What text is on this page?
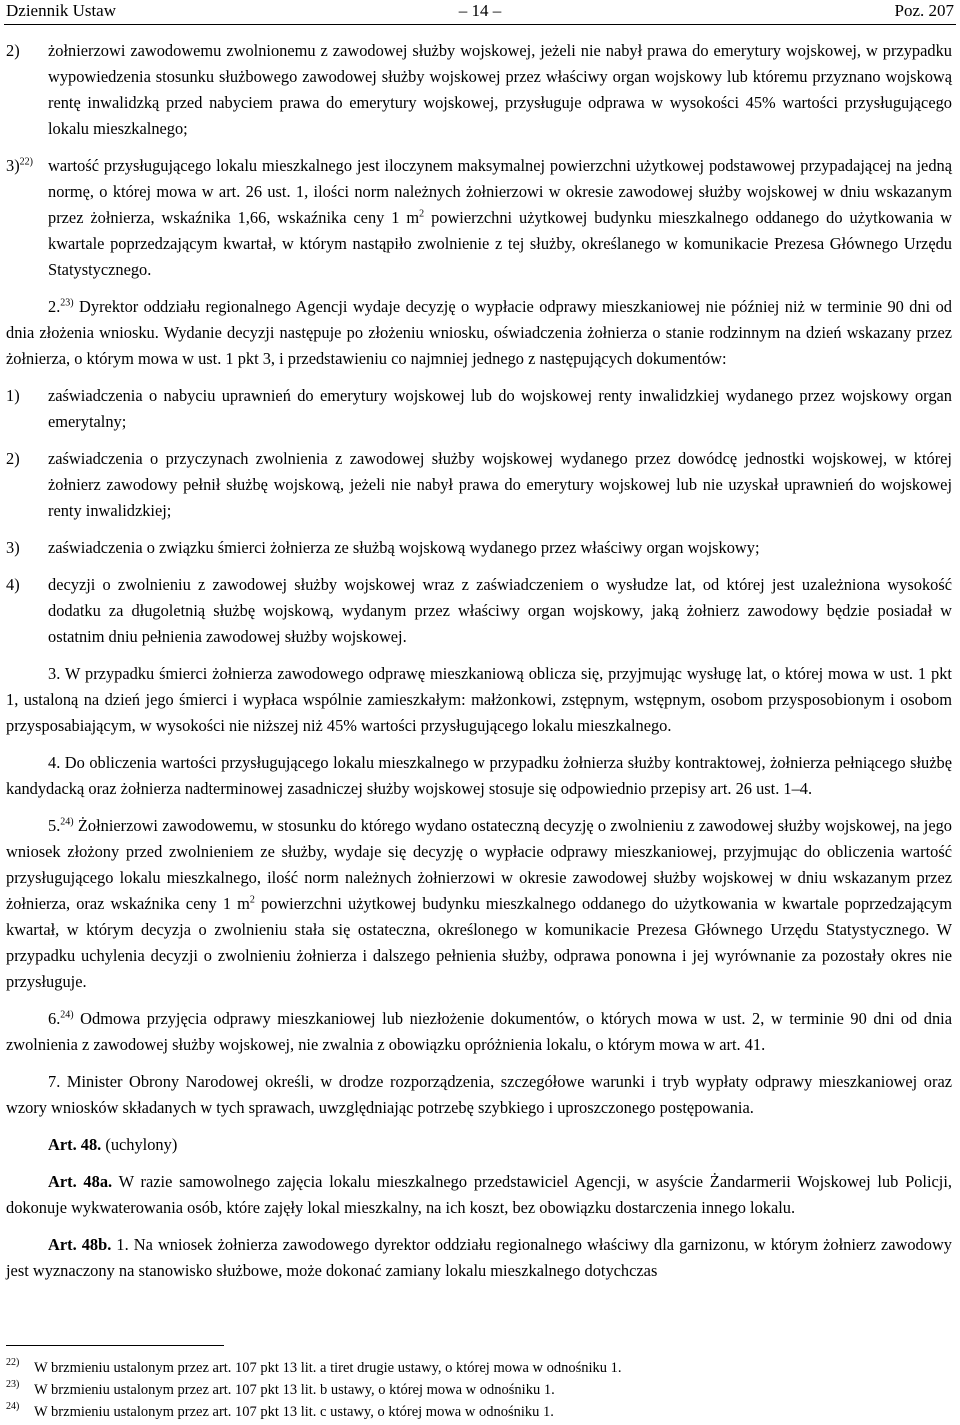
Dziennik Ustaw	– 14 –	Poz. 207
2) żołnierzowi zawodowemu zwolnionemu z zawodowej służby wojskowej, jeżeli nie nabył prawa do emerytury wojskowej, w przypadku wypowiedzenia stosunku służbowego zawodowej służby wojskowej przez właściwy organ wojskowy lub któremu przyznano wojskową rentę inwalidzką przed nabyciem prawa do emerytury wojskowej, przysługuje odprawa w wysokości 45% wartości przysługującego lokalu mieszkalnego;
3)$^{22)}$ wartość przysługującego lokalu mieszkalnego jest iloczynem maksymalnej powierzchni użytkowej podstawowej przypadającej na jedną normę, o której mowa w art. 26 ust. 1, ilości norm należnych żołnierzowi w okresie zawodowej służby wojskowej w dniu wskazanym przez żołnierza, wskaźnika 1,66, wskaźnika ceny 1 $m^2$ powierzchni użytkowej budynku mieszkalnego oddanego do użytkowania w kwartale poprzedzającym kwartał, w którym nastąpiło zwolnienie z tej służby, określanego w komunikacie Prezesa Głównego Urzędu Statystycznego.

2.$^{23)}$ Dyrektor oddziału regionalnego Agencji wydaje decyzję o wypłacie odprawy mieszkaniowej nie później niż w terminie 90 dni od dnia złożenia wniosku. Wydanie decyzji następuje po złożeniu wniosku, oświadczenia żołnierza o stanie rodzinnym na dzień wskazany przez żołnierza, o którym mowa w ust. 1 pkt 3, i przedstawieniu co najmniej jednego z następujących dokumentów:

1) zaświadczenia o nabyciu uprawnień do emerytury wojskowej lub do wojskowej renty inwalidzkiej wydanego przez wojskowy organ emerytalny;
2) zaświadczenia o przyczynach zwolnienia z zawodowej służby wojskowej wydanego przez dowódcę jednostki wojskowej, w której żołnierz zawodowy pełnił służbę wojskową, jeżeli nie nabył prawa do emerytury wojskowej lub nie uzyskał uprawnień do wojskowej renty inwalidzkiej;
3) zaświadczenia o związku śmierci żołnierza ze służbą wojskową wydanego przez właściwy organ wojskowy;
4) decyzji o zwolnieniu z zawodowej służby wojskowej wraz z zaświadczeniem o wysłudze lat, od której jest uzależniona wysokość dodatku za długoletnią służbę wojskową, wydanym przez właściwy organ wojskowy, jaką żołnierz zawodowy będzie posiadał w ostatnim dniu pełnienia zawodowej służby wojskowej.

3. W przypadku śmierci żołnierza zawodowego odprawę mieszkaniową oblicza się, przyjmując wysługę lat, o której mowa w ust. 1 pkt 1, ustaloną na dzień jego śmierci i wypłaca wspólnie zamieszkałym: małżonkowi, zstępnym, wstępnym, osobom przysposobionym i osobom przysposabiającym, w wysokości nie niższej niż 45% wartości przysługującego lokalu mieszkalnego.

4. Do obliczenia wartości przysługującego lokalu mieszkalnego w przypadku żołnierza służby kontraktowej, żołnierza pełniącego służbę kandydacką oraz żołnierza nadterminowej zasadniczej służby wojskowej stosuje się odpowiednio przepisy art. 26 ust. 1–4.

5.$^{24)}$ Żołnierzowi zawodowemu, w stosunku do którego wydano ostateczną decyzję o zwolnieniu z zawodowej służby wojskowej, na jego wniosek złożony przed zwolnieniem ze służby, wydaje się decyzję o wypłacie odprawy mieszkaniowej, przyjmując do obliczenia wartość przysługującego lokalu mieszkalnego, ilość norm należnych żołnierzowi w okresie zawodowej służby wojskowej w dniu wskazanym przez żołnierza, oraz wskaźnika ceny 1 $m^2$ powierzchni użytkowej budynku mieszkalnego oddanego do użytkowania w kwartale poprzedzającym kwartał, w którym decyzja o zwolnieniu stała się ostateczna, określonego w komunikacie Prezesa Głównego Urzędu Statystycznego. W przypadku uchylenia decyzji o zwolnieniu żołnierza i dalszego pełnienia służby, odprawa ponowna i jej wyrównanie za pozostały okres nie przysługuje.

6.$^{24)}$ Odmowa przyjęcia odprawy mieszkaniowej lub niezłożenie dokumentów, o których mowa w ust. 2, w terminie 90 dni od dnia zwolnienia z zawodowej służby wojskowej, nie zwalnia z obowiązku opróżnienia lokalu, o którym mowa w art. 41.

7. Minister Obrony Narodowej określi, w drodze rozporządzenia, szczegółowe warunki i tryb wypłaty odprawy mieszkaniowej oraz wzory wniosków składanych w tych sprawach, uwzględniając potrzebę szybkiego i uproszczonego postępowania.

Art. 48. (uchylony)

Art. 48a. W razie samowolnego zajęcia lokalu mieszkalnego przedstawiciel Agencji, w asyście Żandarmerii Wojskowej lub Policji, dokonuje wykwaterowania osób, które zajęły lokal mieszkalny, na ich koszt, bez obowiązku dostarczenia innego lokalu.

Art. 48b. 1. Na wniosek żołnierza zawodowego dyrektor oddziału regionalnego właściwy dla garnizonu, w którym żołnierz zawodowy jest wyznaczony na stanowisko służbowe, może dokonać zamiany lokalu mieszkalnego dotychczas

22) W brzmieniu ustalonym przez art. 107 pkt 13 lit. a tiret drugie ustawy, o której mowa w odnośniku 1.
23) W brzmieniu ustalonym przez art. 107 pkt 13 lit. b ustawy, o której mowa w odnośniku 1.
24) W brzmieniu ustalonym przez art. 107 pkt 13 lit. c ustawy, o której mowa w odnośniku 1.
